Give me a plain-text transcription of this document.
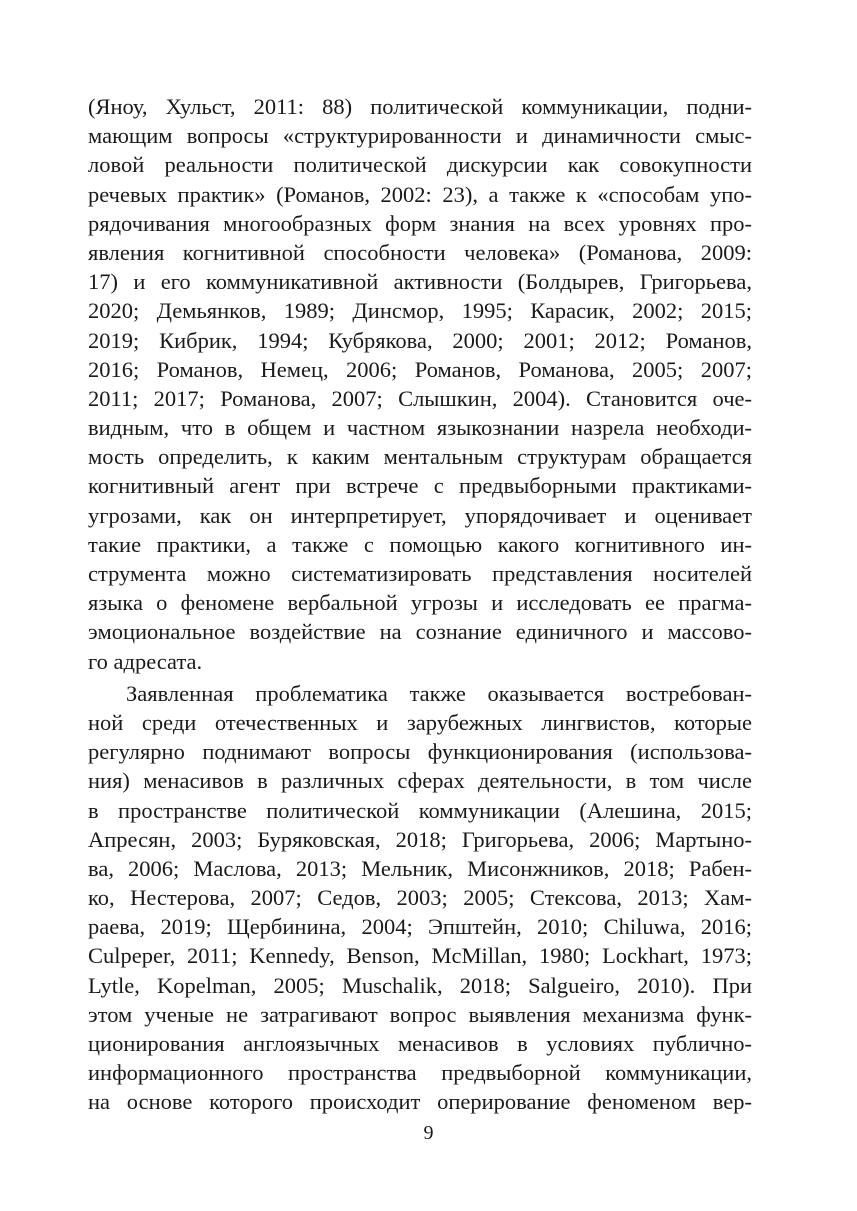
(Яноу, Хульст, 2011: 88) политической коммуникации, подни-
мающим вопросы «структурированности и динамичности смыс-
ловой реальности политической дискурсии как совокупности
речевых практик» (Романов, 2002: 23), а также к «способам упо-
рядочивания многообразных форм знания на всех уровнях про-
явления когнитивной способности человека» (Романова, 2009:
17) и его коммуникативной активности (Болдырев, Григорьева,
2020; Демьянков, 1989; Динсмор, 1995; Карасик, 2002; 2015;
2019; Кибрик, 1994; Кубрякова, 2000; 2001; 2012; Романов,
2016; Романов, Немец, 2006; Романов, Романова, 2005; 2007;
2011; 2017; Романова, 2007; Слышкин, 2004). Становится оче-
видным, что в общем и частном языкознании назрела необходи-
мость определить, к каким ментальным структурам обращается
когнитивный агент при встрече с предвыборными практиками-
угрозами, как он интерпретирует, упорядочивает и оценивает
такие практики, а также с помощью какого когнитивного ин-
струмента можно систематизировать представления носителей
языка о феномене вербальной угрозы и исследовать ее прагма-
эмоциональное воздействие на сознание единичного и массово-
го адресата.

Заявленная проблематика также оказывается востребован-
ной среди отечественных и зарубежных лингвистов, которые
регулярно поднимают вопросы функционирования (использова-
ния) менасивов в различных сферах деятельности, в том числе
в пространстве политической коммуникации (Алешина, 2015;
Апресян, 2003; Буряковская, 2018; Григорьева, 2006; Мартыно-
ва, 2006; Маслова, 2013; Мельник, Мисонжников, 2018; Рабен-
ко, Нестерова, 2007; Седов, 2003; 2005; Стексова, 2013; Хам-
раева, 2019; Щербинина, 2004; Эпштейн, 2010; Chiluwa, 2016;
Culpeper, 2011; Kennedy, Benson, McMillan, 1980; Lockhart, 1973;
Lytle, Kopelman, 2005; Muschalik, 2018; Salgueiro, 2010). При
этом ученые не затрагивают вопрос выявления механизма функ-
ционирования англоязычных менасивов в условиях публично-
информационного пространства предвыборной коммуникации,
на основе которого происходит оперирование феноменом вер-

9
